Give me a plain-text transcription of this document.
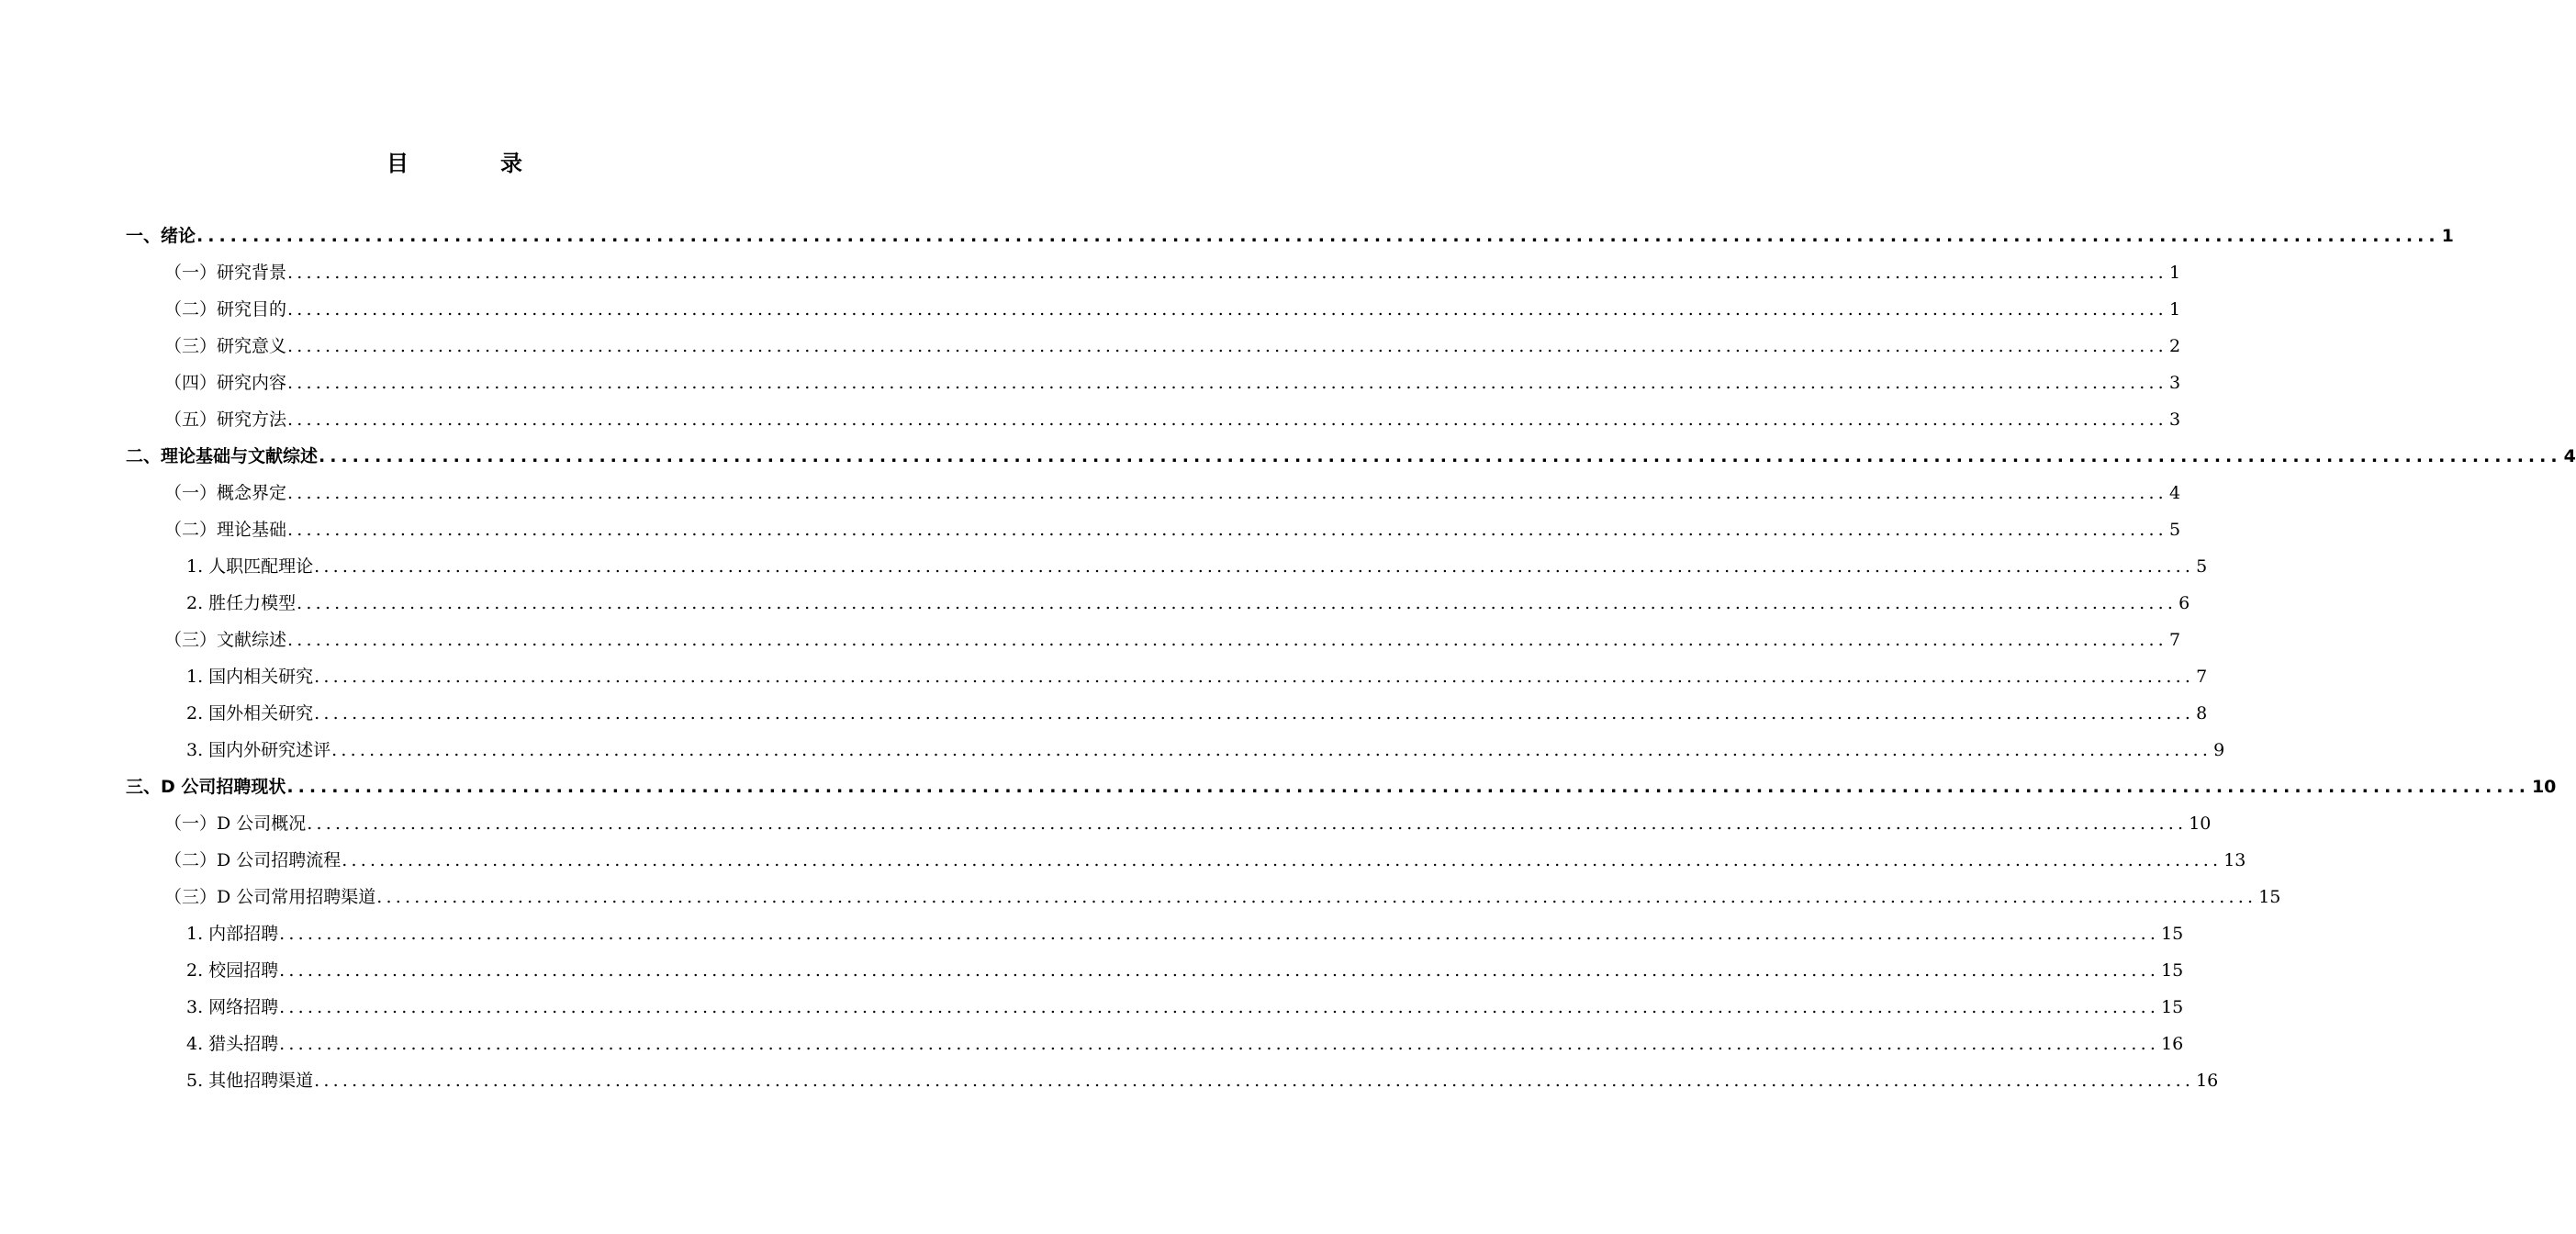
目	录
一、绪论 ........................................................................................................................................................................................................ 1
（一）研究背景 ........................................................................................................................................................................................................ 1
（二）研究目的 ........................................................................................................................................................................................................ 1
（三）研究意义 ........................................................................................................................................................................................................ 2
（四）研究内容 ........................................................................................................................................................................................................ 3
（五）研究方法 ........................................................................................................................................................................................................ 3
二、理论基础与文献综述 ........................................................................................................................................................................................................ 4
（一）概念界定 ........................................................................................................................................................................................................ 4
（二）理论基础 ........................................................................................................................................................................................................ 5
1. 人职匹配理论 ........................................................................................................................................................................................................ 5
2. 胜任力模型 ........................................................................................................................................................................................................ 6
（三）文献综述 ........................................................................................................................................................................................................ 7
1. 国内相关研究 ........................................................................................................................................................................................................ 7
2. 国外相关研究 ........................................................................................................................................................................................................ 8
3. 国内外研究述评 ........................................................................................................................................................................................................ 9
三、D 公司招聘现状 ........................................................................................................................................................................................................ 10
（一）D 公司概况 ........................................................................................................................................................................................................ 10
（二）D 公司招聘流程 ........................................................................................................................................................................................................ 13
（三）D 公司常用招聘渠道 ........................................................................................................................................................................................................ 15
1. 内部招聘 ........................................................................................................................................................................................................ 15
2. 校园招聘 ........................................................................................................................................................................................................ 15
3. 网络招聘 ........................................................................................................................................................................................................ 15
4. 猎头招聘 ........................................................................................................................................................................................................ 16
5. 其他招聘渠道 ........................................................................................................................................................................................................ 16
